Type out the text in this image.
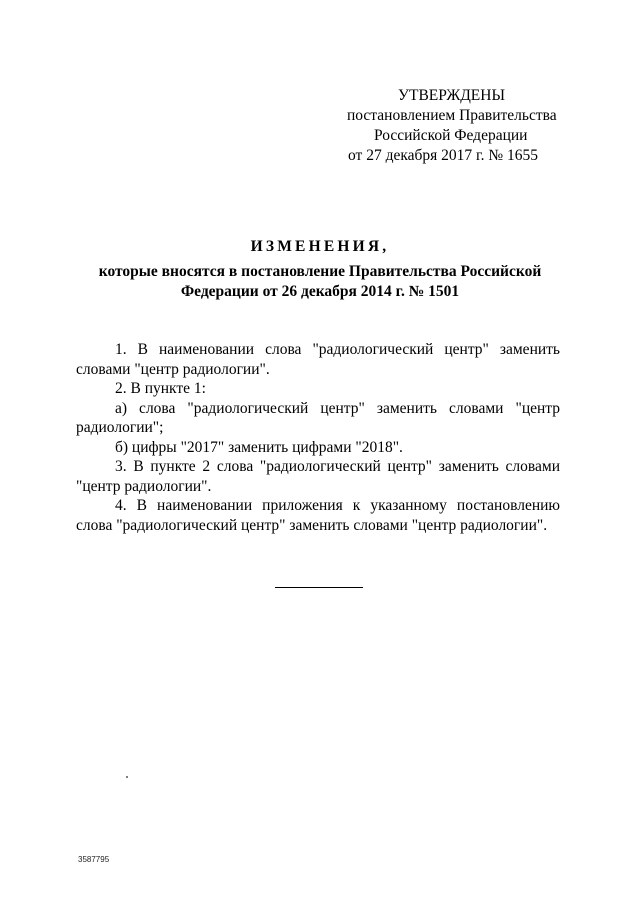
УТВЕРЖДЕНЫ
постановлением Правительства
Российской Федерации
от 27 декабря 2017 г. № 1655
ИЗМЕНЕНИЯ,
которые вносятся в постановление Правительства Российской
Федерации от 26 декабря 2014 г. № 1501

1. В наименовании слова "радиологический центр" заменить словами "центр радиологии".

2. В пункте 1:

а) слова "радиологический центр" заменить словами "центр радиологии";

б) цифры "2017" заменить цифрами "2018".

3. В пункте 2 слова "радиологический центр" заменить словами "центр радиологии".

4. В наименовании приложения к указанному постановлению слова "радиологический центр" заменить словами "центр радиологии".

3587795
